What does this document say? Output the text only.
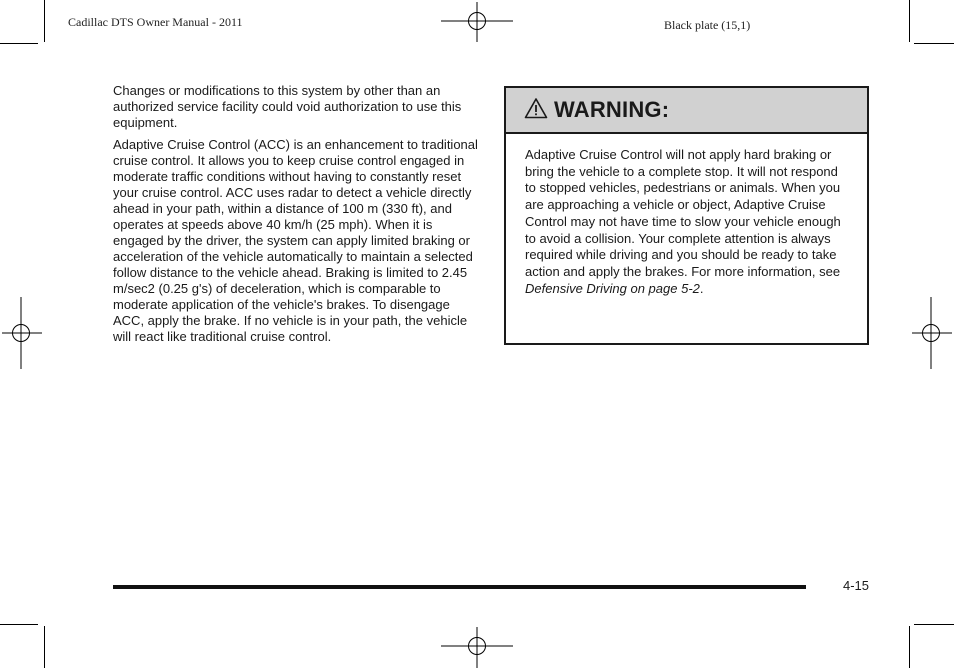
Cadillac DTS Owner Manual - 2011	Black plate (15,1)

Changes or modifications to this system by other than an authorized service facility could void authorization to use this equipment.

Adaptive Cruise Control (ACC) is an enhancement to traditional cruise control. It allows you to keep cruise control engaged in moderate traffic conditions without having to constantly reset your cruise control. ACC uses radar to detect a vehicle directly ahead in your path, within a distance of 100 m (330 ft), and operates at speeds above 40 km/h (25 mph). When it is engaged by the driver, the system can apply limited braking or acceleration of the vehicle automatically to maintain a selected follow distance to the vehicle ahead. Braking is limited to 2.45 m/sec2 (0.25 g's) of deceleration, which is comparable to moderate application of the vehicle's brakes. To disengage ACC, apply the brake. If no vehicle is in your path, the vehicle will react like traditional cruise control.

WARNING:
Adaptive Cruise Control will not apply hard braking or bring the vehicle to a complete stop. It will not respond to stopped vehicles, pedestrians or animals. When you are approaching a vehicle or object, Adaptive Cruise Control may not have time to slow your vehicle enough to avoid a collision. Your complete attention is always required while driving and you should be ready to take action and apply the brakes. For more information, see Defensive Driving on page 5-2.
4-15
